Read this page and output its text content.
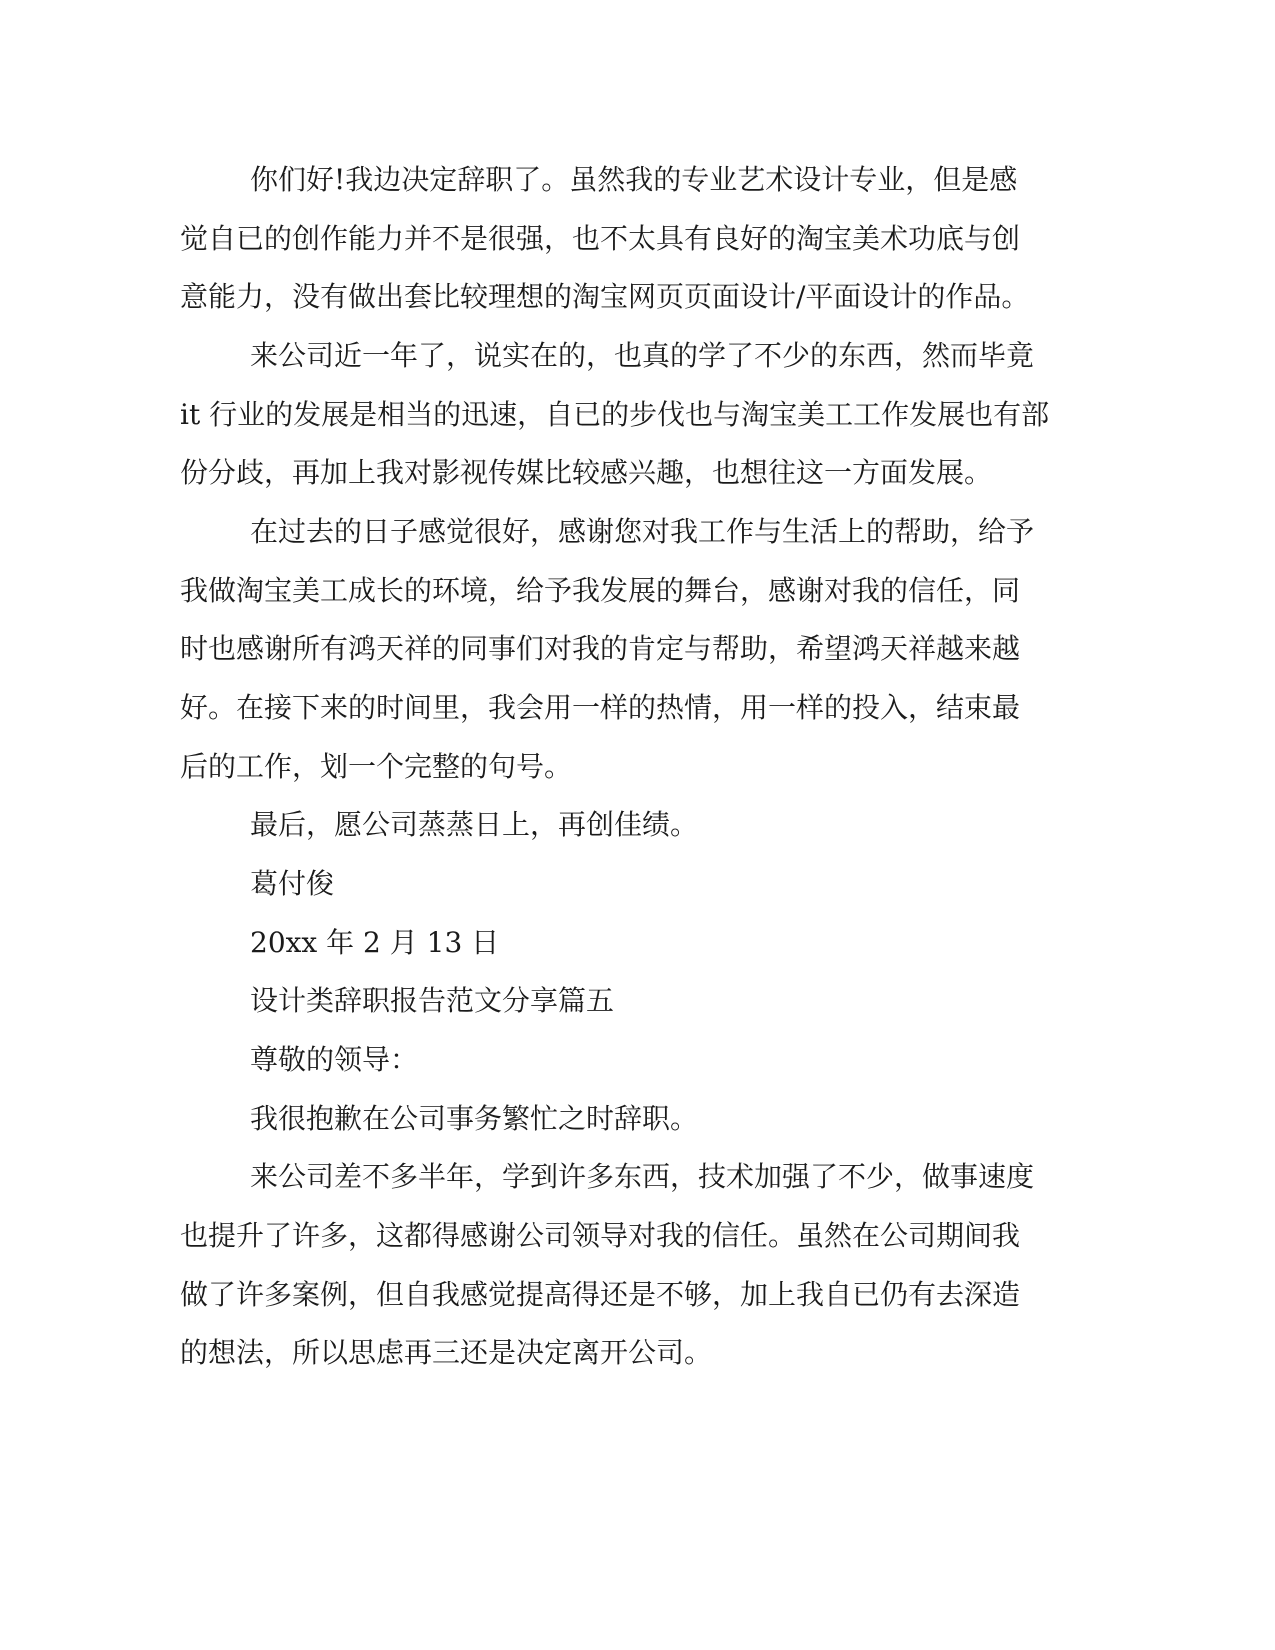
你们好!我边决定辞职了。虽然我的专业艺术设计专业，但是感
觉自已的创作能力并不是很强，也不太具有良好的淘宝美术功底与创
意能力，没有做出套比较理想的淘宝网页页面设计/平面设计的作品。
来公司近一年了，说实在的，也真的学了不少的东西，然而毕竟
it 行业的发展是相当的迅速，自已的步伐也与淘宝美工工作发展也有部
份分歧，再加上我对影视传媒比较感兴趣，也想往这一方面发展。
在过去的日子感觉很好，感谢您对我工作与生活上的帮助，给予
我做淘宝美工成长的环境，给予我发展的舞台，感谢对我的信任，同
时也感谢所有鸿天祥的同事们对我的肯定与帮助，希望鸿天祥越来越
好。在接下来的时间里，我会用一样的热情，用一样的投入，结束最
后的工作，划一个完整的句号。
最后，愿公司蒸蒸日上，再创佳绩。
葛付俊
20xx 年 2 月 13 日
设计类辞职报告范文分享篇五
尊敬的领导：
我很抱歉在公司事务繁忙之时辞职。
来公司差不多半年，学到许多东西，技术加强了不少，做事速度
也提升了许多，这都得感谢公司领导对我的信任。虽然在公司期间我
做了许多案例，但自我感觉提高得还是不够，加上我自已仍有去深造
的想法，所以思虑再三还是决定离开公司。
